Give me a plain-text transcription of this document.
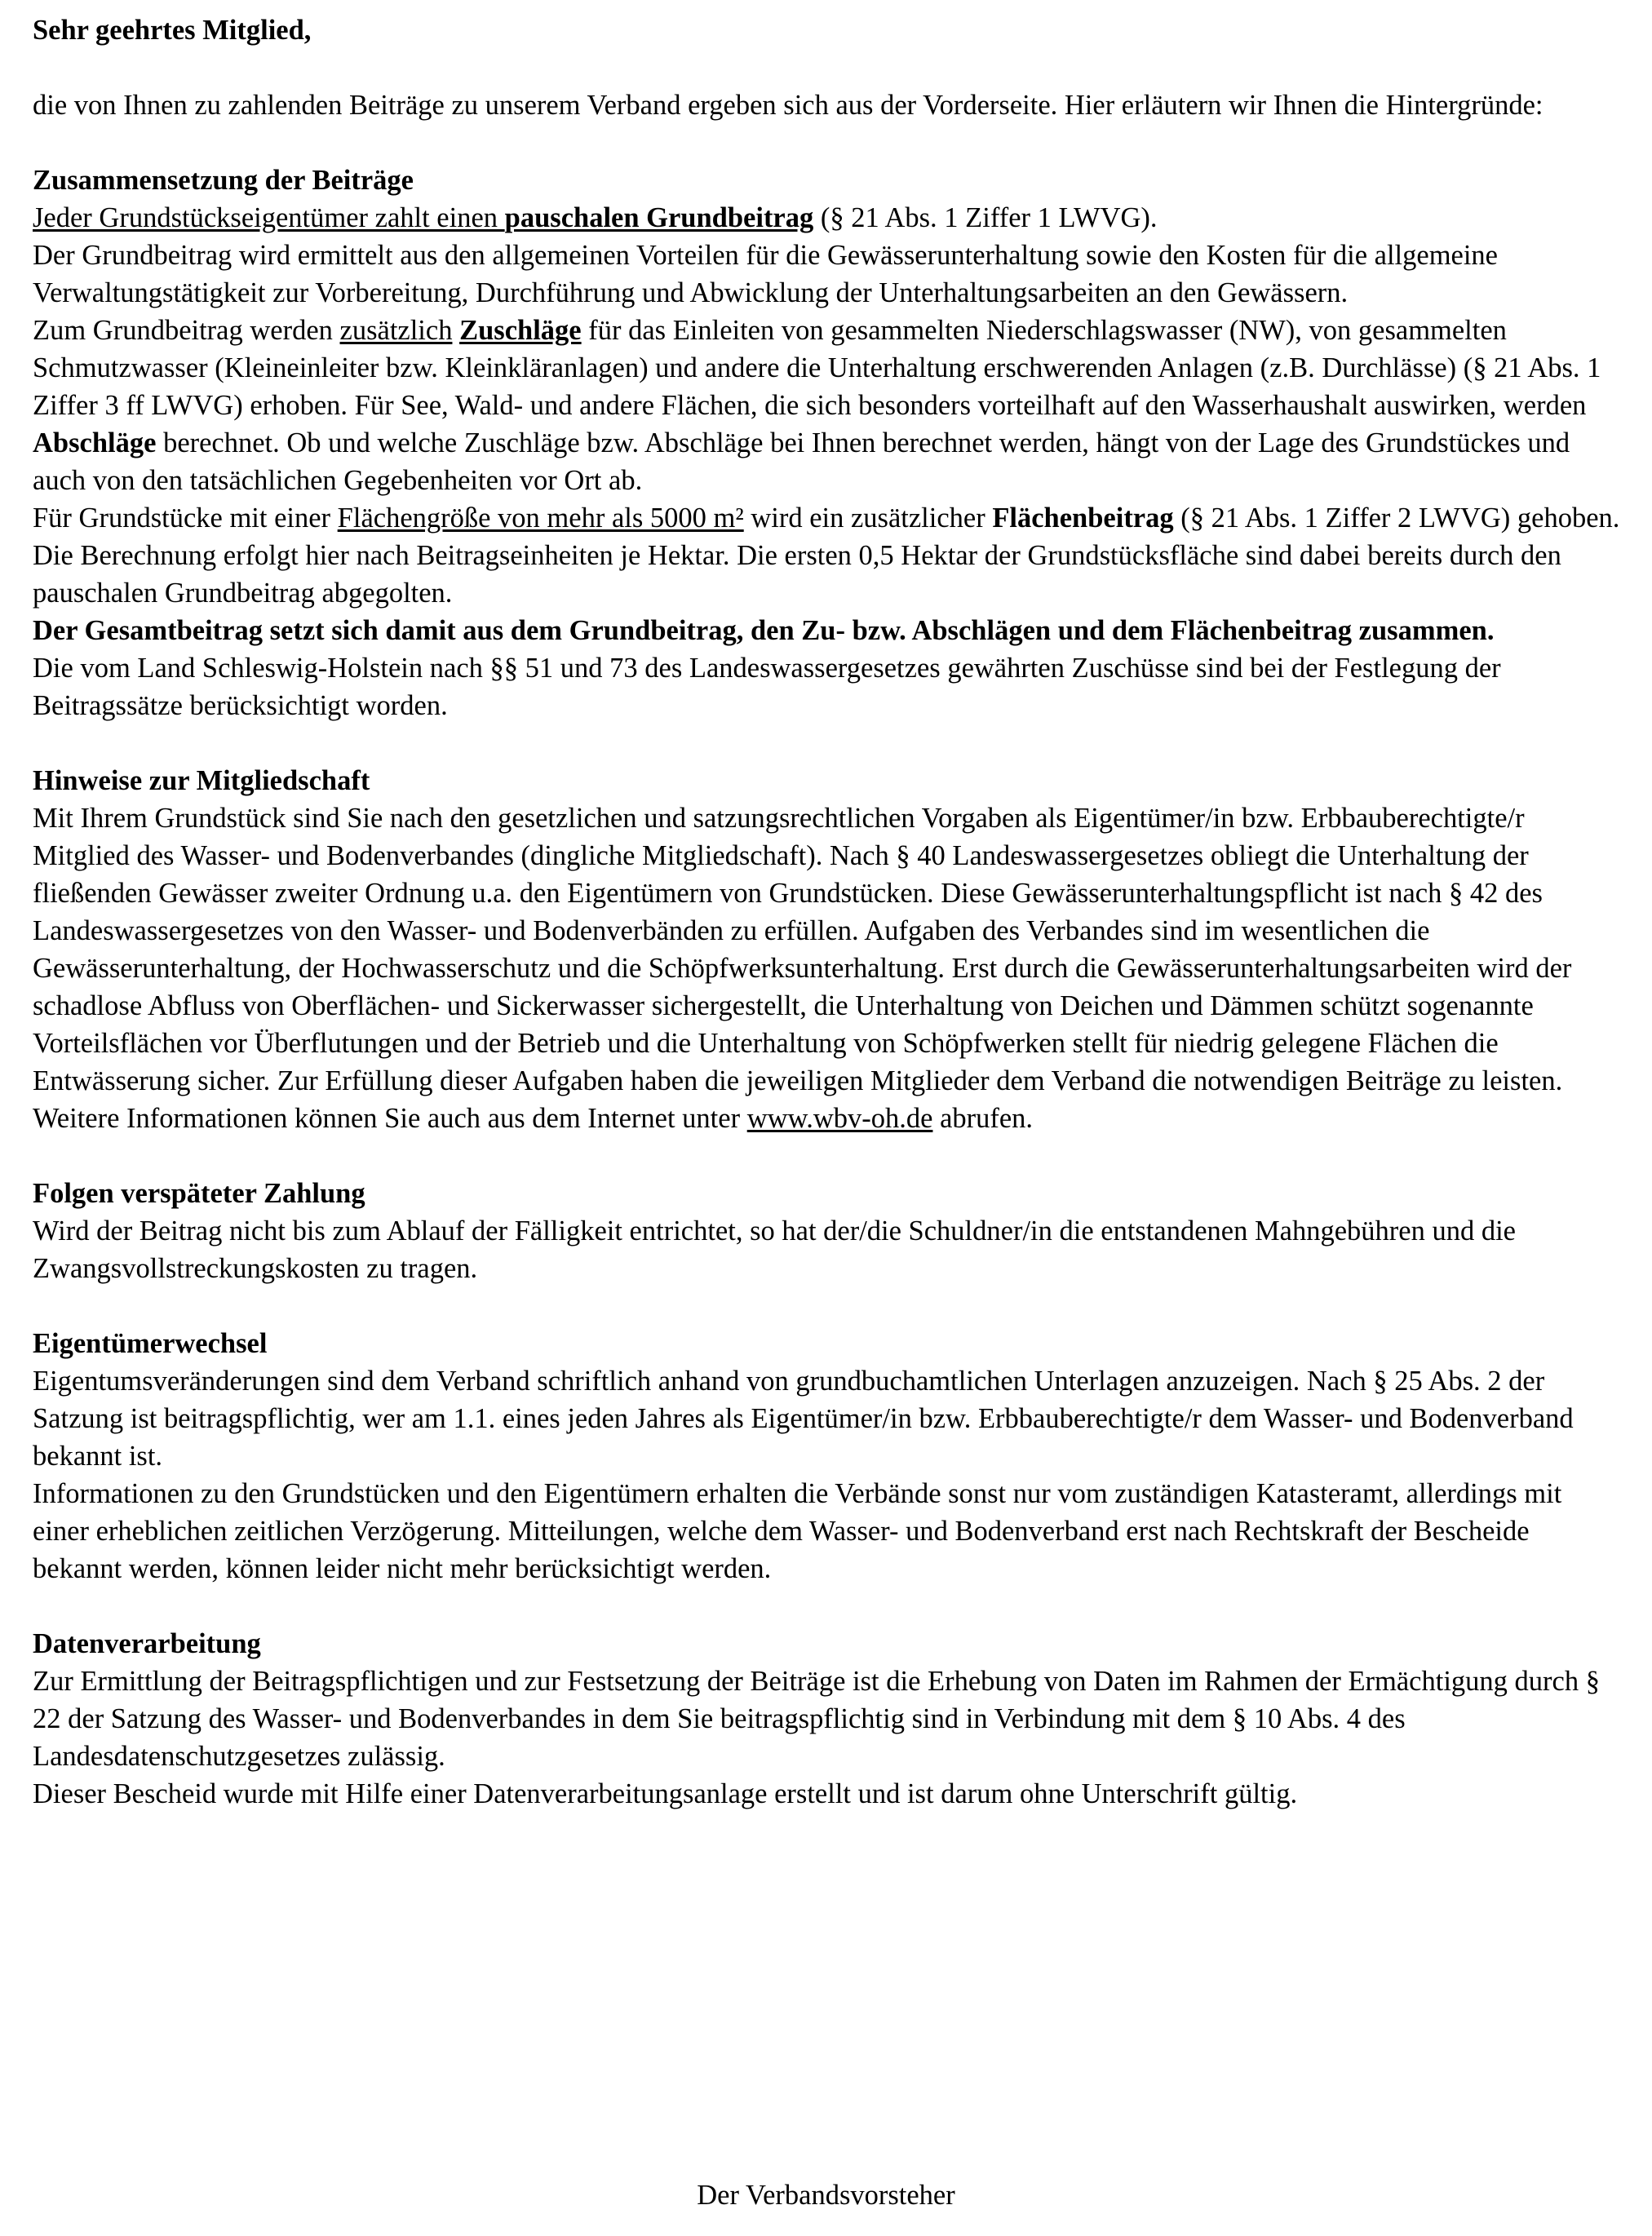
Sehr geehrtes Mitglied,

die von Ihnen zu zahlenden Beiträge zu unserem Verband ergeben sich aus der Vorderseite. Hier erläutern wir Ihnen die Hintergründe:

Zusammensetzung der Beiträge

Jeder Grundstückseigentümer zahlt einen pauschalen Grundbeitrag (§ 21 Abs. 1 Ziffer 1 LWVG).

Der Grundbeitrag wird ermittelt aus den allgemeinen Vorteilen für die Gewässerunterhaltung sowie den Kosten für die allgemeine Verwaltungstätigkeit zur Vorbereitung, Durchführung und Abwicklung der Unterhaltungsarbeiten an den Gewässern.

Zum Grundbeitrag werden zusätzlich Zuschläge für das Einleiten von gesammelten Niederschlagswasser (NW), von gesammelten Schmutzwasser (Kleineinleiter bzw. Kleinkläranlagen) und andere die Unterhaltung erschwerenden Anlagen (z.B. Durchlässe) (§ 21 Abs. 1 Ziffer 3 ff LWVG) erhoben. Für See, Wald- und andere Flächen, die sich besonders vorteilhaft auf den Wasserhaushalt auswirken, werden Abschläge berechnet. Ob und welche Zuschläge bzw. Abschläge bei Ihnen berechnet werden, hängt von der Lage des Grundstückes und auch von den tatsächlichen Gegebenheiten vor Ort ab.

Für Grundstücke mit einer Flächengröße von mehr als 5000 m² wird ein zusätzlicher Flächenbeitrag (§ 21 Abs. 1 Ziffer 2 LWVG) gehoben. Die Berechnung erfolgt hier nach Beitragseinheiten je Hektar. Die ersten 0,5 Hektar der Grundstücksfläche sind dabei bereits durch den pauschalen Grundbeitrag abgegolten.

Der Gesamtbeitrag setzt sich damit aus dem Grundbeitrag, den Zu- bzw. Abschlägen und dem Flächenbeitrag zusammen.

Die vom Land Schleswig-Holstein nach §§ 51 und 73 des Landeswassergesetzes gewährten Zuschüsse sind bei der Festlegung der Beitragssätze berücksichtigt worden.

Hinweise zur Mitgliedschaft

Mit Ihrem Grundstück sind Sie nach den gesetzlichen und satzungsrechtlichen Vorgaben als Eigentümer/in bzw. Erbbauberechtigte/r Mitglied des Wasser- und Bodenverbandes (dingliche Mitgliedschaft). Nach § 40 Landeswassergesetzes obliegt die Unterhaltung der fließenden Gewässer zweiter Ordnung u.a. den Eigentümern von Grundstücken. Diese Gewässerunterhaltungspflicht ist nach § 42 des Landeswassergesetzes von den Wasser- und Bodenverbänden zu erfüllen. Aufgaben des Verbandes sind im wesentlichen die Gewässerunterhaltung, der Hochwasserschutz und die Schöpfwerksunterhaltung. Erst durch die Gewässerunterhaltungsarbeiten wird der schadlose Abfluss von Oberflächen- und Sickerwasser sichergestellt, die Unterhaltung von Deichen und Dämmen schützt sogenannte Vorteilsflächen vor Überflutungen und der Betrieb und die Unterhaltung von Schöpfwerken stellt für niedrig gelegene Flächen die Entwässerung sicher. Zur Erfüllung dieser Aufgaben haben die jeweiligen Mitglieder dem Verband die notwendigen Beiträge zu leisten. Weitere Informationen können Sie auch aus dem Internet unter www.wbv-oh.de abrufen.

Folgen verspäteter Zahlung

Wird der Beitrag nicht bis zum Ablauf der Fälligkeit entrichtet, so hat der/die Schuldner/in die entstandenen Mahngebühren und die Zwangsvollstreckungskosten zu tragen.

Eigentümerwechsel

Eigentumsveränderungen sind dem Verband schriftlich anhand von grundbuchamtlichen Unterlagen anzuzeigen. Nach § 25 Abs. 2 der Satzung ist beitragspflichtig, wer am 1.1. eines jeden Jahres als Eigentümer/in bzw. Erbbauberechtigte/r dem Wasser- und Bodenverband bekannt ist.

Informationen zu den Grundstücken und den Eigentümern erhalten die Verbände sonst nur vom zuständigen Katasteramt, allerdings mit einer erheblichen zeitlichen Verzögerung. Mitteilungen, welche dem Wasser- und Bodenverband erst nach Rechtskraft der Bescheide bekannt werden, können leider nicht mehr berücksichtigt werden.

Datenverarbeitung

Zur Ermittlung der Beitragspflichtigen und zur Festsetzung der Beiträge ist die Erhebung von Daten im Rahmen der Ermächtigung durch § 22 der Satzung des Wasser- und Bodenverbandes in dem Sie beitragspflichtig sind in Verbindung mit dem § 10 Abs. 4 des Landesdatenschutzgesetzes zulässig.

Dieser Bescheid wurde mit Hilfe einer Datenverarbeitungsanlage erstellt und ist darum ohne Unterschrift gültig.

Der Verbandsvorsteher
